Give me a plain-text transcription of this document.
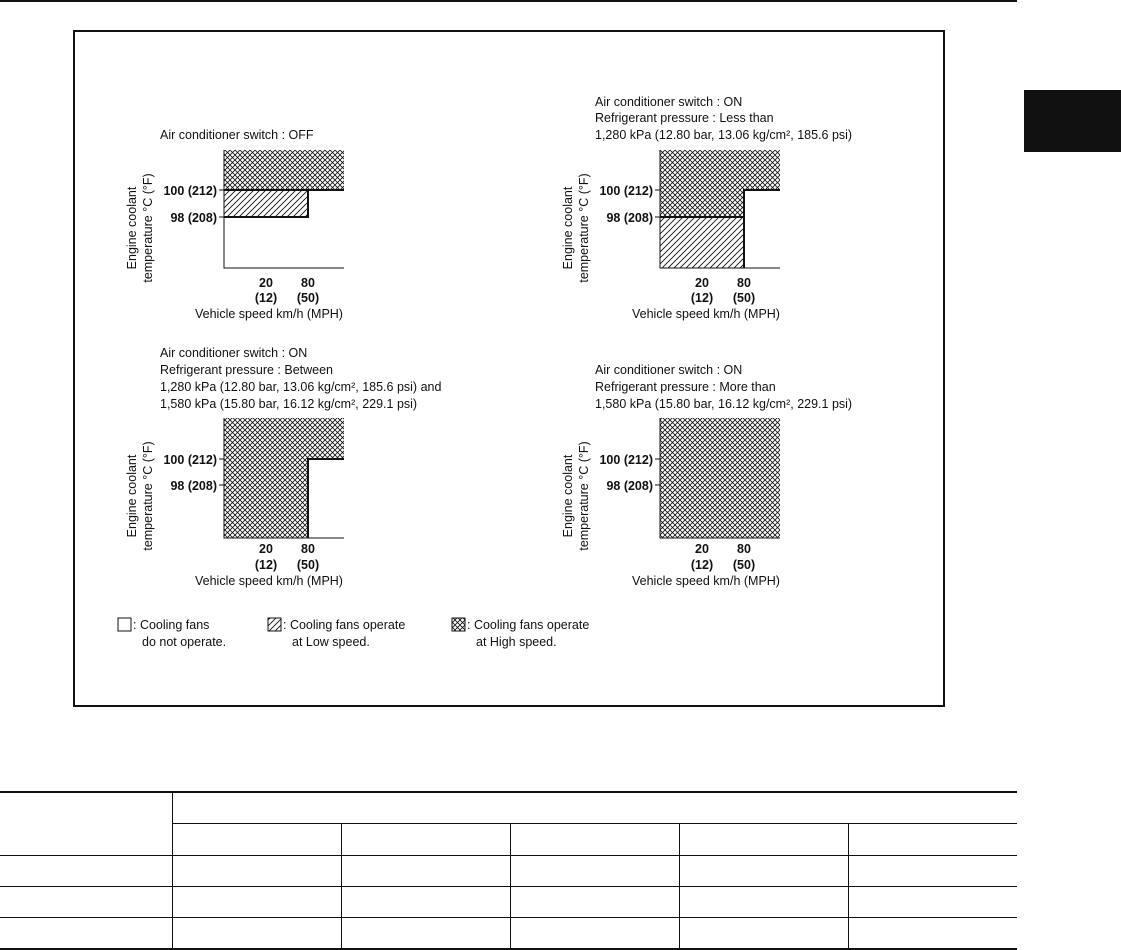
Air conditioner switch : OFF
100 (212)
98 (208)
Engine coolant temperature °C (°F)
20 80
(12) (50)
Vehicle speed km/h (MPH)
Air conditioner switch : ON
Refrigerant pressure : Less than
1,280 kPa (12.80 bar, 13.06 kg/cm², 185.6 psi)
100 (212)
98 (208)
Engine coolant temperature °C (°F)
20 80
(12) (50)
Vehicle speed km/h (MPH)
Air conditioner switch : ON
Refrigerant pressure : Between
1,280 kPa (12.80 bar, 13.06 kg/cm², 185.6 psi) and
1,580 kPa (15.80 bar, 16.12 kg/cm², 229.1 psi)
100 (212)
98 (208)
Engine coolant temperature °C (°F)	20 80
(12) (50)
Vehicle speed km/h (MPH)
Air conditioner switch : ON
Refrigerant pressure : More than
1,580 kPa (15.80 bar, 16.12 kg/cm², 229.1 psi)
100 (212)
98 (208)
Engine coolant temperature °C (°F)	20 80
(12) (50)
Vehicle speed km/h (MPH)
: Cooling fans
do not operate.
: Cooling fans operate
at Low speed.
: Cooling fans operate
at High speed.
